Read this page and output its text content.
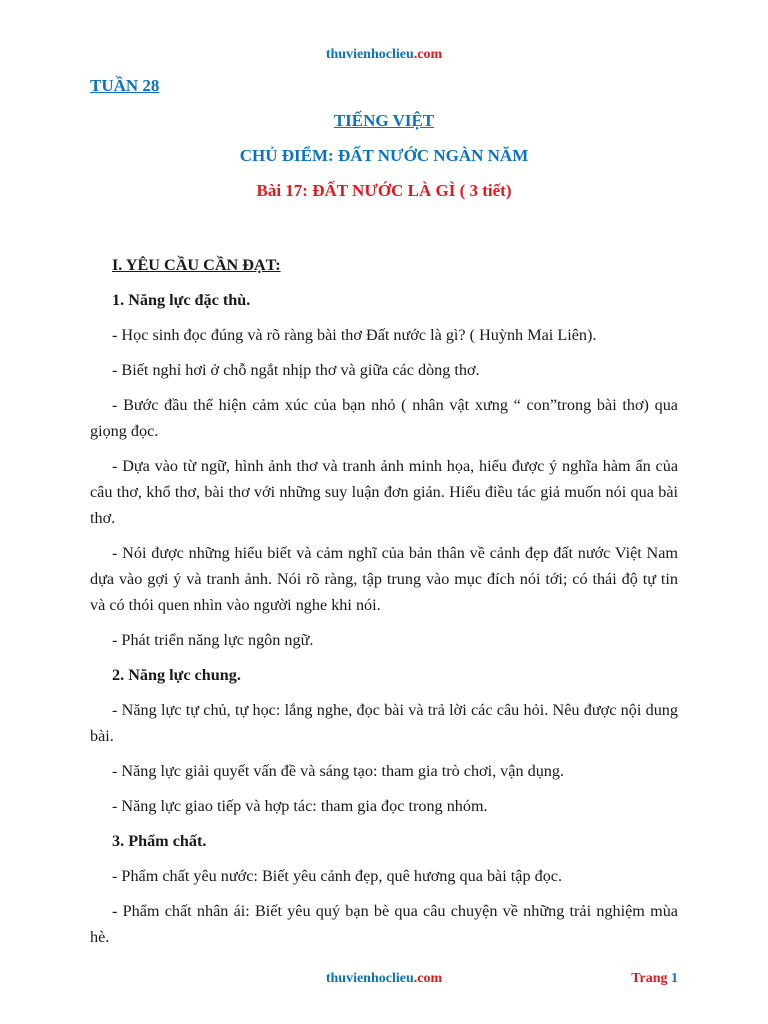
thuvienhoclieu.com
TUẦN 28
TIẾNG VIỆT
CHỦ ĐIỂM: ĐẤT NƯỚC NGÀN NĂM
Bài 17: ĐẤT NƯỚC LÀ GÌ ( 3 tiết)

I. YÊU CẦU CẦN ĐẠT:

1. Năng lực đặc thù.

- Học sinh đọc đúng và rõ ràng bài thơ Đất nước là gì? ( Huỳnh Mai Liên).

- Biết nghỉ hơi ở chỗ ngắt nhịp thơ và giữa các dòng thơ.

- Bước đầu thể hiện cảm xúc của bạn nhỏ ( nhân vật xưng “ con”trong bài thơ) qua giọng đọc.

- Dựa vào từ ngữ, hình ảnh thơ và tranh ảnh minh họa, hiểu được ý nghĩa hàm ẩn của câu thơ, khổ thơ, bài thơ với những suy luận đơn giản. Hiểu điều tác giả muốn nói qua bài thơ.

- Nói được những hiểu biết và cảm nghĩ của bản thân về cảnh đẹp đất nước Việt Nam dựa vào gợi ý và tranh ảnh. Nói rõ ràng, tập trung vào mục đích nói tới; có thái độ tự tin và có thói quen nhìn vào người nghe khi nói.

- Phát triển năng lực ngôn ngữ.

2. Năng lực chung.

- Năng lực tự chủ, tự học: lắng nghe, đọc bài và trả lời các câu hỏi. Nêu được nội dung bài.

- Năng lực giải quyết vấn đề và sáng tạo: tham gia trò chơi, vận dụng.

- Năng lực giao tiếp và hợp tác: tham gia đọc trong nhóm.

3. Phẩm chất.

- Phẩm chất yêu nước: Biết yêu cảnh đẹp, quê hương qua bài tập đọc.

- Phẩm chất nhân ái: Biết yêu quý bạn bè qua câu chuyện về những trải nghiệm mùa hè.

thuvienhoclieu.com	Trang 1
